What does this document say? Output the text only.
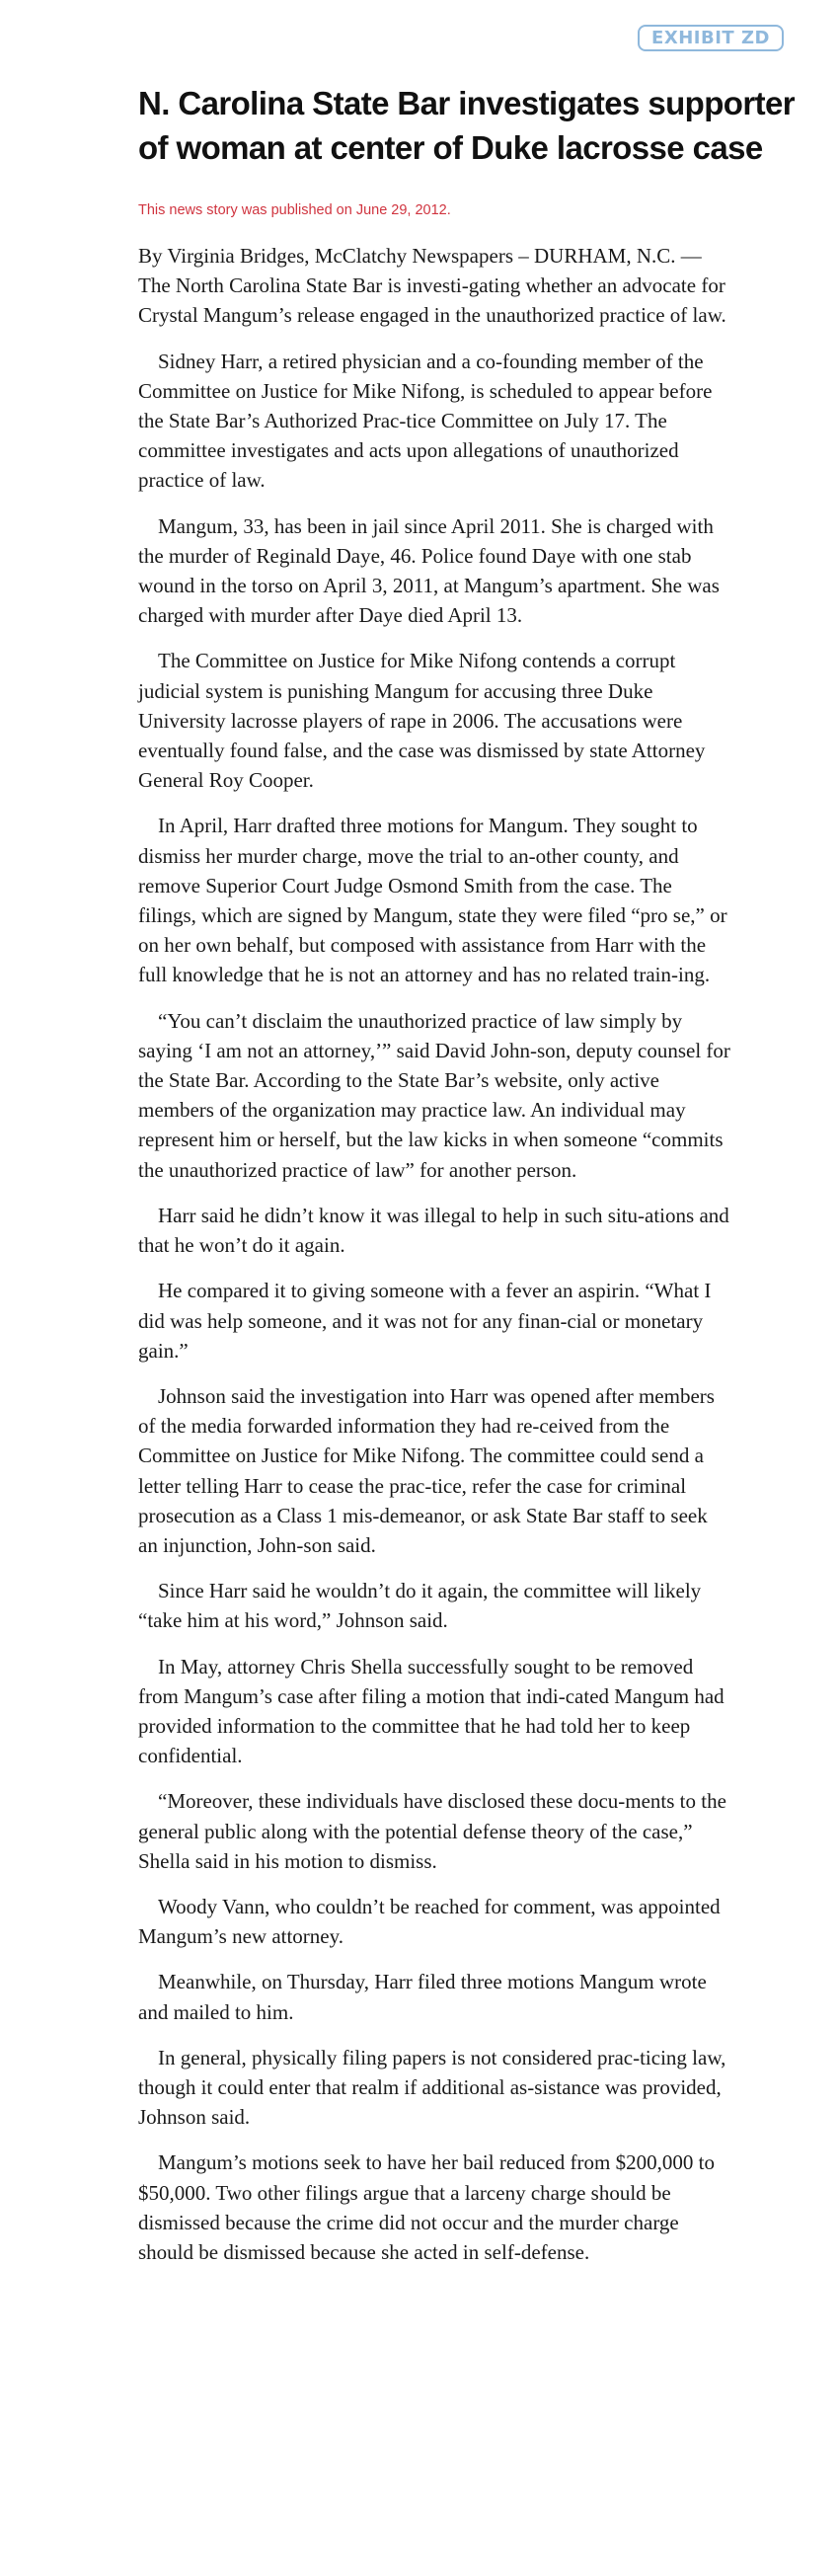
EXHIBIT ZD
N. Carolina State Bar investigates supporter
of woman at center of Duke lacrosse case

This news story was published on June 29, 2012.

By Virginia Bridges, McClatchy Newspapers – DURHAM, N.C. — The North Carolina State Bar is investi-gating whether an advocate for Crystal Mangum’s release engaged in the unauthorized practice of law.

Sidney Harr, a retired physician and a co-founding member of the Committee on Justice for Mike Nifong, is scheduled to appear before the State Bar’s Authorized Prac-tice Committee on July 17. The committee investigates and acts upon allegations of unauthorized practice of law.

Mangum, 33, has been in jail since April 2011. She is charged with the murder of Reginald Daye, 46. Police found Daye with one stab wound in the torso on April 3, 2011, at Mangum’s apartment. She was charged with murder after Daye died April 13.

The Committee on Justice for Mike Nifong contends a corrupt judicial system is punishing Mangum for accusing three Duke University lacrosse players of rape in 2006. The accusations were eventually found false, and the case was dismissed by state Attorney General Roy Cooper.

In April, Harr drafted three motions for Mangum. They sought to dismiss her murder charge, move the trial to an-other county, and remove Superior Court Judge Osmond Smith from the case. The filings, which are signed by Mangum, state they were filed “pro se,” or on her own behalf, but composed with assistance from Harr with the full knowledge that he is not an attorney and has no related train-ing.

“You can’t disclaim the unauthorized practice of law simply by saying ‘I am not an attorney,’” said David John-son, deputy counsel for the State Bar. According to the State Bar’s website, only active members of the organization may practice law. An individual may represent him or herself, but the law kicks in when someone “commits the unauthorized practice of law” for another person.

Harr said he didn’t know it was illegal to help in such situ-ations and that he won’t do it again.

He compared it to giving someone with a fever an aspirin. “What I did was help someone, and it was not for any finan-cial or monetary gain.”

Johnson said the investigation into Harr was opened after members of the media forwarded information they had re-ceived from the Committee on Justice for Mike Nifong. The committee could send a letter telling Harr to cease the prac-tice, refer the case for criminal prosecution as a Class 1 mis-demeanor, or ask State Bar staff to seek an injunction, John-son said.

Since Harr said he wouldn’t do it again, the committee will likely “take him at his word,” Johnson said.

In May, attorney Chris Shella successfully sought to be removed from Mangum’s case after filing a motion that indi-cated Mangum had provided information to the committee that he had told her to keep confidential.

“Moreover, these individuals have disclosed these docu-ments to the general public along with the potential defense theory of the case,” Shella said in his motion to dismiss.

Woody Vann, who couldn’t be reached for comment, was appointed Mangum’s new attorney.

Meanwhile, on Thursday, Harr filed three motions Mangum wrote and mailed to him.

In general, physically filing papers is not considered prac-ticing law, though it could enter that realm if additional as-sistance was provided, Johnson said.

Mangum’s motions seek to have her bail reduced from $200,000 to $50,000. Two other filings argue that a larceny charge should be dismissed because the crime did not occur and the murder charge should be dismissed because she acted in self-defense.
